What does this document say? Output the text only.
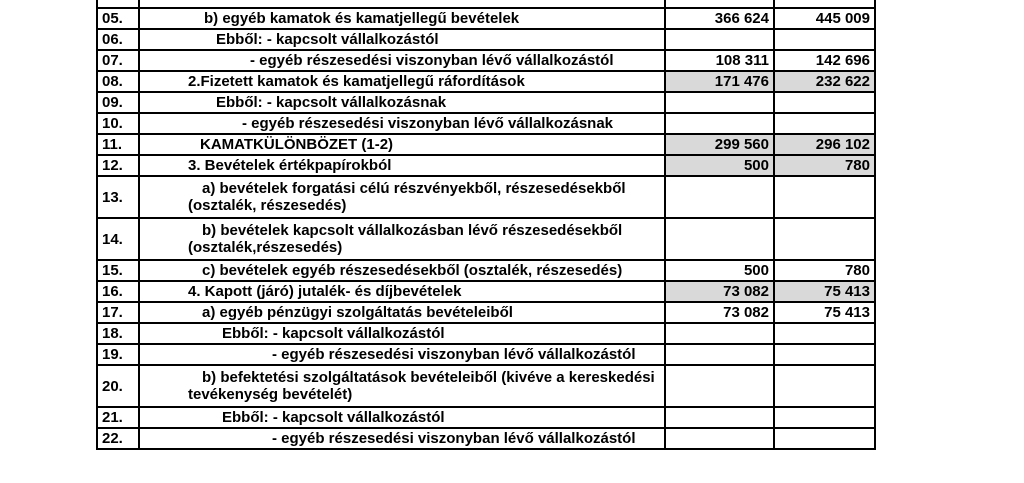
05.	b) egyéb kamatok és kamatjellegű bevételek	366 624	445 009
06.	Ebből: - kapcsolt vállalkozástól		
07.	- egyéb részesedési viszonyban lévő vállalkozástól	108 311	142 696
08.	2.Fizetett kamatok és kamatjellegű ráfordítások	171 476	232 622
09.	Ebből: - kapcsolt vállalkozásnak		
10.	- egyéb részesedési viszonyban lévő vállalkozásnak		
11.	KAMATKÜLÖNBÖZET (1-2)	299 560	296 102
12.	3. Bevételek értékpapírokból	500	780
13.	a) bevételek forgatási célú részvényekből, részesedésekből
(osztalék, részesedés)		

14.	b) bevételek kapcsolt vállalkozásban lévő részesedésekből
(osztalék,részesedés)		

15.	c) bevételek egyéb részesedésekből (osztalék, részesedés)	500	780
16.	4. Kapott (járó) jutalék- és díjbevételek	73 082	75 413
17.	a) egyéb pénzügyi szolgáltatás bevételeiből	73 082	75 413
18.	Ebből: - kapcsolt vállalkozástól		
19.	- egyéb részesedési viszonyban lévő vállalkozástól		
20.	b) befektetési szolgáltatások bevételeiből (kivéve a kereskedési
tevékenység bevételét)		

21.	Ebből: - kapcsolt vállalkozástól		
22.	- egyéb részesedési viszonyban lévő vállalkozástól		
